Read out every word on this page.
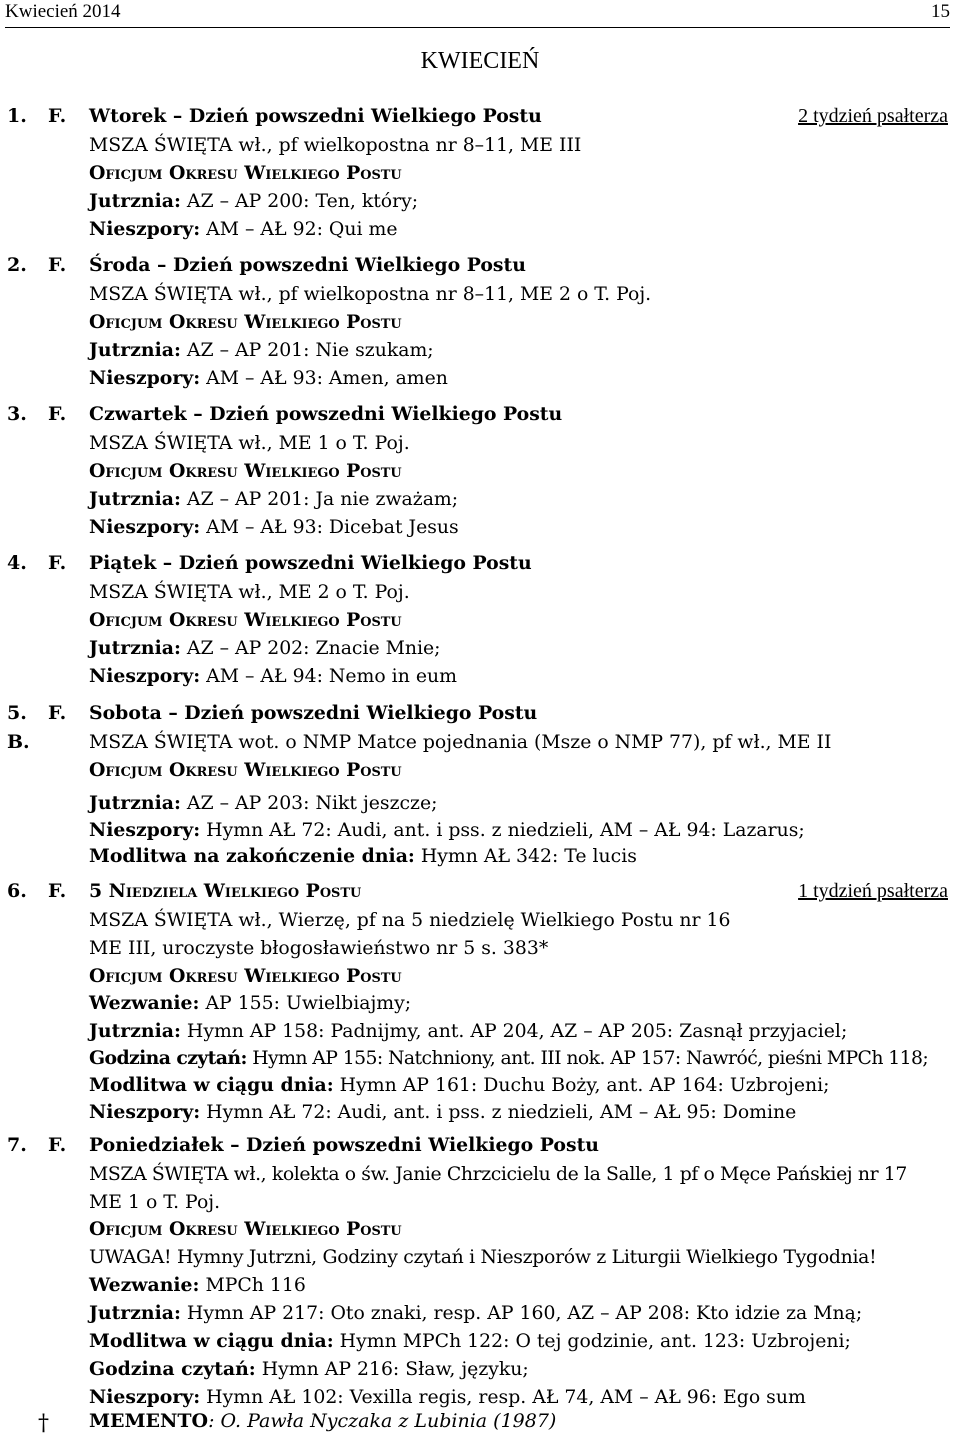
Kwiecień 2014	15
KWIECIEŃ
1. F.	2 tydzień psałterza
Wtorek – Dzień powszedni Wielkiego Postu
MSZA ŚWIĘTA wł., pf wielkopostna nr 8–11, ME III
Oficjum Okresu Wielkiego Postu
Jutrznia: AZ – AP 200: Ten, który;
Nieszpory: AM – AŁ 92: Qui me
2. F. Środa – Dzień powszedni Wielkiego Postu
MSZA ŚWIĘTA wł., pf wielkopostna nr 8–11, ME 2 o T. Poj.
Oficjum Okresu Wielkiego Postu
Jutrznia: AZ – AP 201: Nie szukam;
Nieszpory: AM – AŁ 93: Amen, amen
3. F. Czwartek – Dzień powszedni Wielkiego Postu
MSZA ŚWIĘTA wł., ME 1 o T. Poj.
Oficjum Okresu Wielkiego Postu
Jutrznia: AZ – AP 201: Ja nie zważam;
Nieszpory: AM – AŁ 93: Dicebat Jesus
4. F. Piątek – Dzień powszedni Wielkiego Postu
MSZA ŚWIĘTA wł., ME 2 o T. Poj.
Oficjum Okresu Wielkiego Postu
Jutrznia: AZ – AP 202: Znacie Mnie;
Nieszpory: AM – AŁ 94: Nemo in eum
5. F.
B.
Sobota – Dzień powszedni Wielkiego Postu
MSZA ŚWIĘTA wot. o NMP Matce pojednania (Msze o NMP 77), pf wł., ME II
Oficjum Okresu Wielkiego Postu
Jutrznia: AZ – AP 203: Nikt jeszcze;
Nieszpory: Hymn AŁ 72: Audi, ant. i pss. z niedzieli, AM – AŁ 94: Lazarus;
Modlitwa na zakończenie dnia: Hymn AŁ 342: Te lucis
6. F.	1 tydzień psałterza
5 Niedziela Wielkiego Postu
MSZA ŚWIĘTA wł., Wierzę, pf na 5 niedzielę Wielkiego Postu nr 16
ME III, uroczyste błogosławieństwo nr 5 s. 383*
Oficjum Okresu Wielkiego Postu
Wezwanie: AP 155: Uwielbiajmy;
Jutrznia: Hymn AP 158: Padnijmy, ant. AP 204, AZ – AP 205: Zasnął przyjaciel;
Godzina czytań: Hymn AP 155: Natchniony, ant. III nok. AP 157: Nawróć, pieśni MPCh 118;
Modlitwa w ciągu dnia: Hymn AP 161: Duchu Boży, ant. AP 164: Uzbrojeni;
Nieszpory: Hymn AŁ 72: Audi, ant. i pss. z niedzieli, AM – AŁ 95: Domine
7. F. Poniedziałek – Dzień powszedni Wielkiego Postu
MSZA ŚWIĘTA wł., kolekta o św. Janie Chrzcicielu de la Salle, 1 pf o Męce Pańskiej nr 17
ME 1 o T. Poj.
Oficjum Okresu Wielkiego Postu
UWAGA! Hymny Jutrzni, Godziny czytań i Nieszporów z Liturgii Wielkiego Tygodnia!
Wezwanie: MPCh 116
Jutrznia: Hymn AP 217: Oto znaki, resp. AP 160, AZ – AP 208: Kto idzie za Mną;
Modlitwa w ciągu dnia: Hymn MPCh 122: O tej godzinie, ant. 123: Uzbrojeni;
Godzina czytań: Hymn AP 216: Sław, języku;
Nieszpory: Hymn AŁ 102: Vexilla regis, resp. AŁ 74, AM – AŁ 96: Ego sum
† MEMENTO: O. Pawła Nyczaka z Lubinia (1987)
